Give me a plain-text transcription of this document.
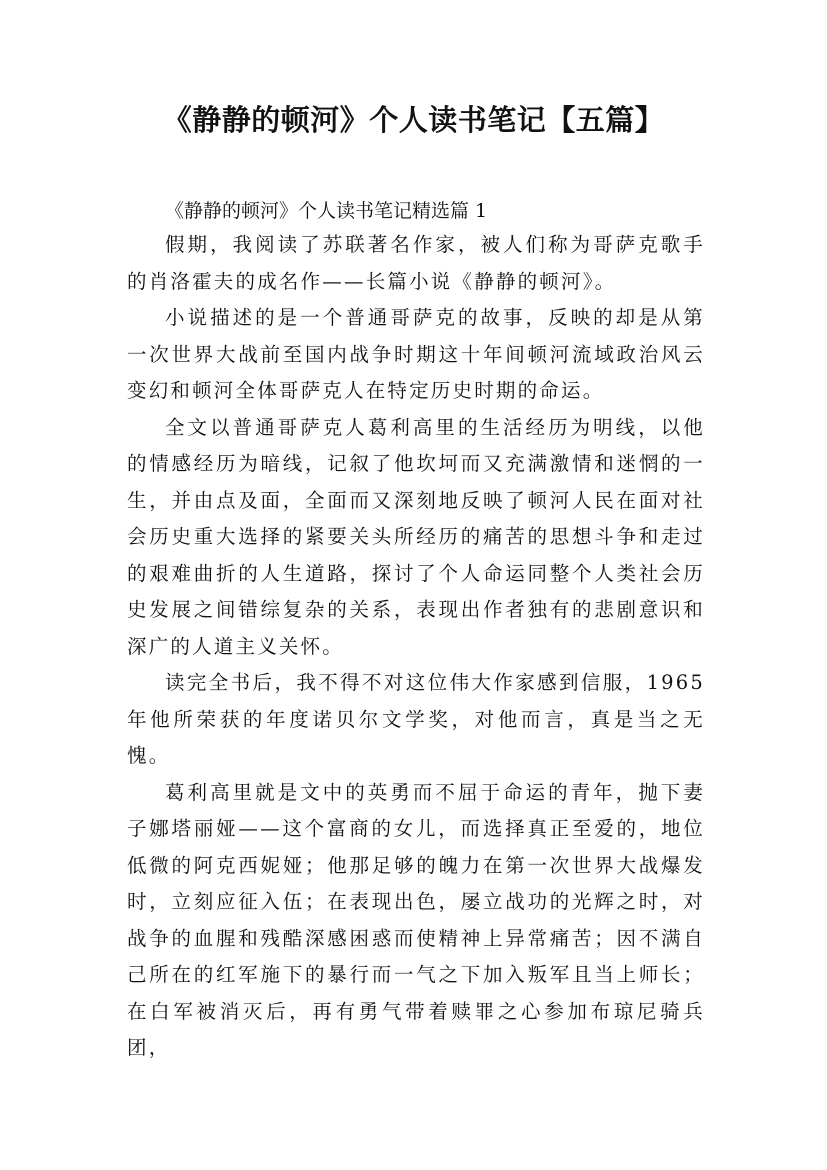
《静静的顿河》个人读书笔记【五篇】

《静静的顿河》个人读书笔记精选篇 1

假期，我阅读了苏联著名作家，被人们称为哥萨克歌手的肖洛霍夫的成名作——长篇小说《静静的顿河》。

小说描述的是一个普通哥萨克的故事，反映的却是从第一次世界大战前至国内战争时期这十年间顿河流域政治风云变幻和顿河全体哥萨克人在特定历史时期的命运。

全文以普通哥萨克人葛利高里的生活经历为明线，以他的情感经历为暗线，记叙了他坎坷而又充满激情和迷惘的一生，并由点及面，全面而又深刻地反映了顿河人民在面对社会历史重大选择的紧要关头所经历的痛苦的思想斗争和走过的艰难曲折的人生道路，探讨了个人命运同整个人类社会历史发展之间错综复杂的关系，表现出作者独有的悲剧意识和深广的人道主义关怀。

读完全书后，我不得不对这位伟大作家感到信服，1965 年他所荣获的年度诺贝尔文学奖，对他而言，真是当之无愧。

葛利高里就是文中的英勇而不屈于命运的青年，抛下妻子娜塔丽娅——这个富商的女儿，而选择真正至爱的，地位低微的阿克西妮娅；他那足够的魄力在第一次世界大战爆发时，立刻应征入伍；在表现出色，屡立战功的光辉之时，对战争的血腥和残酷深感困惑而使精神上异常痛苦；因不满自己所在的红军施下的暴行而一气之下加入叛军且当上师长；在白军被消灭后，再有勇气带着赎罪之心参加布琼尼骑兵团，
